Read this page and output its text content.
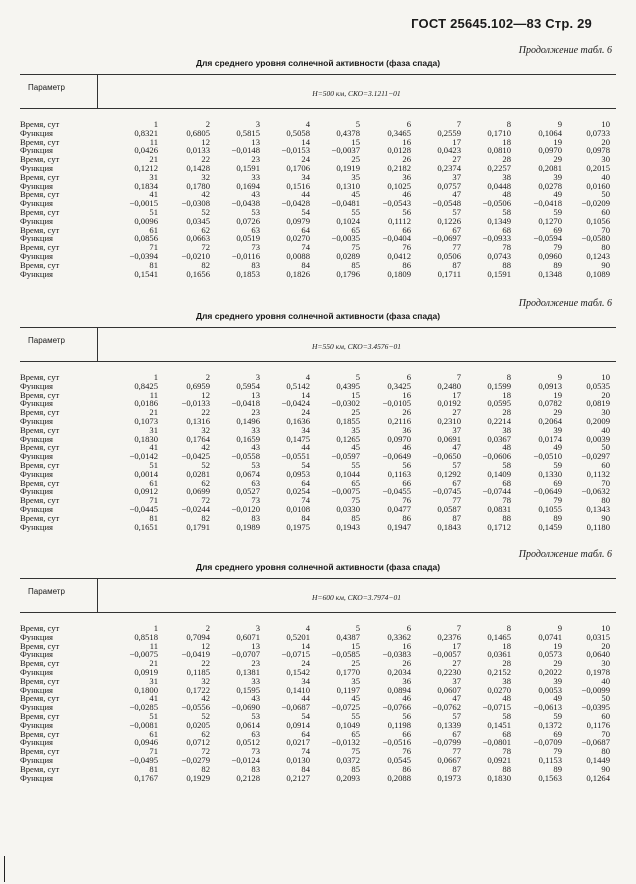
ГОСТ 25645.102—83 Стр. 29
Продолжение табл. 6
Для среднего уровня солнечной активности (фаза спада)
Параметр
H=500 км, СКО=3.1211−01
Время, сут	1	2	3	4	5	6	7	8	9	10
Функция	0,8321	0,6805	0,5815	0,5058	0,4378	0,3465	0,2559	0,1710	0,1064	0,0733
Время, сут	11	12	13	14	15	16	17	18	19	20
Функция	0,0426	0,0133	−0,0148	−0,0153	−0,0037	0,0128	0,0423	0,0810	0,0970	0,0978
Время, сут	21	22	23	24	25	26	27	28	29	30
Функция	0,1212	0,1428	0,1591	0,1706	0,1919	0,2182	0,2374	0,2257	0,2081	0,2015
Время, сут	31	32	33	34	35	36	37	38	39	40
Функция	0,1834	0,1780	0,1694	0,1516	0,1310	0,1025	0,0757	0,0448	0,0278	0,0160
Время, сут	41	42	43	44	45	46	47	48	49	50
Функция	−0,0015	−0,0308	−0,0438	−0,0428	−0,0481	−0,0543	−0,0548	−0,0506	−0,0418	−0,0209
Время, сут	51	52	53	54	55	56	57	58	59	60
Функция	0,0096	0,0345	0,0726	0,0979	0,1024	0,1112	0,1226	0,1349	0,1270	0,1056
Время, сут	61	62	63	64	65	66	67	68	69	70
Функция	0,0856	0,0663	0,0519	0,0270	−0,0035	−0,0404	−0,0697	−0,0933	−0,0594	−0,0580
Время, сут	71	72	73	74	75	76	77	78	79	80
Функция	−0,0394	−0,0210	−0,0116	0,0088	0,0289	0,0412	0,0506	0,0743	0,0960	0,1243
Время, сут	81	82	83	84	85	86	87	88	89	90
Функция	0,1541	0,1656	0,1853	0,1826	0,1796	0,1809	0,1711	0,1591	0,1348	0,1089
Продолжение табл. 6
Для среднего уровня солнечной активности (фаза спада)
Параметр
H=550 км, СКО=3.4576−01
Время, сут	1	2	3	4	5	6	7	8	9	10
Функция	0,8425	0,6959	0,5954	0,5142	0,4395	0,3425	0,2480	0,1599	0,0913	0,0535
Время, сут	11	12	13	14	15	16	17	18	19	20
Функция	0,0186	−0,0133	−0,0418	−0,0424	−0,0302	−0,0105	0,0192	0,0595	0,0782	0,0819
Время, сут	21	22	23	24	25	26	27	28	29	30
Функция	0,1073	0,1316	0,1496	0,1636	0,1855	0,2116	0,2310	0,2214	0,2064	0,2009
Время, сут	31	32	33	34	35	36	37	38	39	40
Функция	0,1830	0,1764	0,1659	0,1475	0,1265	0,0970	0,0691	0,0367	0,0174	0,0039
Время, сут	41	42	43	44	45	46	47	48	49	50
Функция	−0,0142	−0,0425	−0,0558	−0,0551	−0,0597	−0,0649	−0,0650	−0,0606	−0,0510	−0,0297
Время, сут	51	52	53	54	55	56	57	58	59	60
Функция	0,0014	0,0281	0,0674	0,0953	0,1044	0,1163	0,1292	0,1409	0,1330	0,1132
Время, сут	61	62	63	64	65	66	67	68	69	70
Функция	0,0912	0,0699	0,0527	0,0254	−0,0075	−0,0455	−0,0745	−0,0744	−0,0649	−0,0632
Время, сут	71	72	73	74	75	76	77	78	79	80
Функция	−0,0445	−0,0244	−0,0120	0,0108	0,0330	0,0477	0,0587	0,0831	0,1055	0,1343
Время, сут	81	82	83	84	85	86	87	88	89	90
Функция	0,1651	0,1791	0,1989	0,1975	0,1943	0,1947	0,1843	0,1712	0,1459	0,1180
Продолжение табл. 6
Для среднего уровня солнечной активности (фаза спада)
Параметр
H=600 км, СКО=3.7974−01
Время, сут	1	2	3	4	5	6	7	8	9	10
Функция	0,8518	0,7094	0,6071	0,5201	0,4387	0,3362	0,2376	0,1465	0,0741	0,0315
Время, сут	11	12	13	14	15	16	17	18	19	20
Функция	−0,0075	−0,0419	−0,0707	−0,0715	−0,0585	−0,0383	−0,0057	0,0361	0,0573	0,0640
Время, сут	21	22	23	24	25	26	27	28	29	30
Функция	0,0919	0,1185	0,1381	0,1542	0,1770	0,2034	0,2230	0,2152	0,2022	0,1978
Время, сут	31	32	33	34	35	36	37	38	39	40
Функция	0,1800	0,1722	0,1595	0,1410	0,1197	0,0894	0,0607	0,0270	0,0053	−0,0099
Время, сут	41	42	43	44	45	46	47	48	49	50
Функция	−0,0285	−0,0556	−0,0690	−0,0687	−0,0725	−0,0766	−0,0762	−0,0715	−0,0613	−0,0395
Время, сут	51	52	53	54	55	56	57	58	59	60
Функция	−0,0081	0,0205	0,0614	0,0914	0,1049	0,1198	0,1339	0,1451	0,1372	0,1176
Время, сут	61	62	63	64	65	66	67	68	69	70
Функция	0,0946	0,0712	0,0512	0,0217	−0,0132	−0,0516	−0,0799	−0,0801	−0,0709	−0,0687
Время, сут	71	72	73	74	75	76	77	78	79	80
Функция	−0,0495	−0,0279	−0,0124	0,0130	0,0372	0,0545	0,0667	0,0921	0,1153	0,1449
Время, сут	81	82	83	84	85	86	87	88	89	90
Функция	0,1767	0,1929	0,2128	0,2127	0,2093	0,2088	0,1973	0,1830	0,1563	0,1264
